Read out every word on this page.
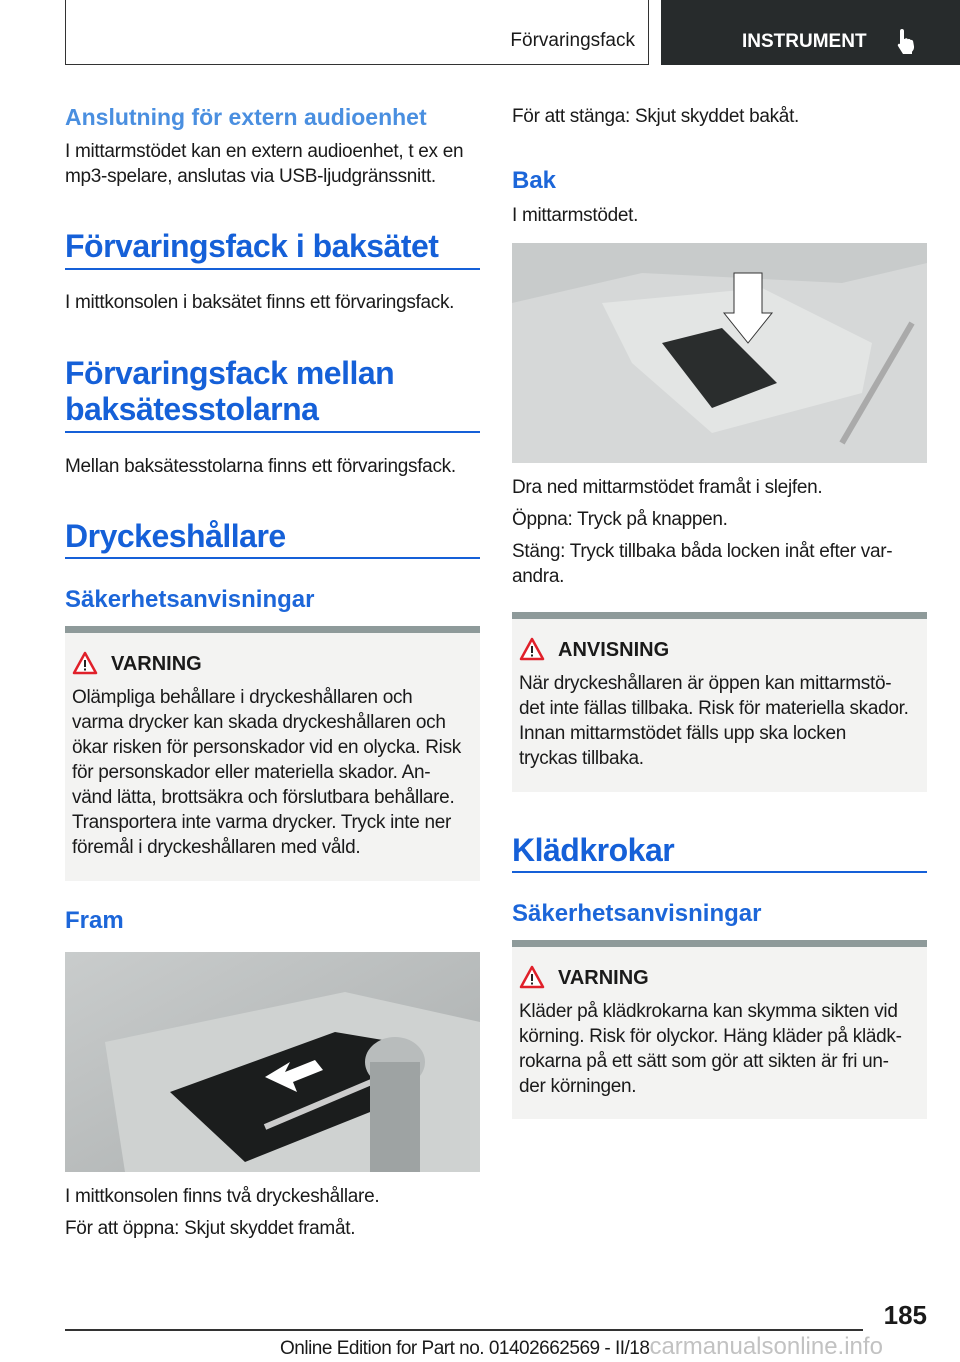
Förvaringsfack	INSTRUMENT
Anslutning för extern audioenhet

I mittarmstödet kan en extern audioenhet, t ex en
mp3-spelare, anslutas via USB-ljudgränssnitt.

Förvaringsfack i baksätet

I mittkonsolen i baksätet finns ett förvaringsfack.

Förvaringsfack mellan
baksätesstolarna

Mellan baksätesstolarna finns ett förvaringsfack.

Dryckeshållare
Säkerhetsanvisningar
VARNING
Olämpliga behållare i dryckeshållaren och
varma drycker kan skada dryckeshållaren och
ökar risken för personskador vid en olycka. Risk
för personskador eller materiella skador. An-
vänd lätta, brottsäkra och förslutbara behållare.
Transportera inte varma drycker. Tryck inte ner
föremål i dryckeshållaren med våld.
Fram

I mittkonsolen finns två dryckeshållare.

För att öppna: Skjut skyddet framåt.

För att stänga: Skjut skyddet bakåt.

Bak

I mittarmstödet.

Dra ned mittarmstödet framåt i slejfen.

Öppna: Tryck på knappen.

Stäng: Tryck tillbaka båda locken inåt efter var-
andra.

ANVISNING
När dryckeshållaren är öppen kan mittarmstö-
det inte fällas tillbaka. Risk för materiella skador.
Innan mittarmstödet fälls upp ska locken
tryckas tillbaka.
Klädkrokar
Säkerhetsanvisningar
VARNING
Kläder på klädkrokarna kan skymma sikten vid
körning. Risk för olyckor. Häng kläder på klädk-
rokarna på ett sätt som gör att sikten är fri un-
der körningen.
185
Online Edition for Part no. 01402662569 - II/18carmanualsonline.info
